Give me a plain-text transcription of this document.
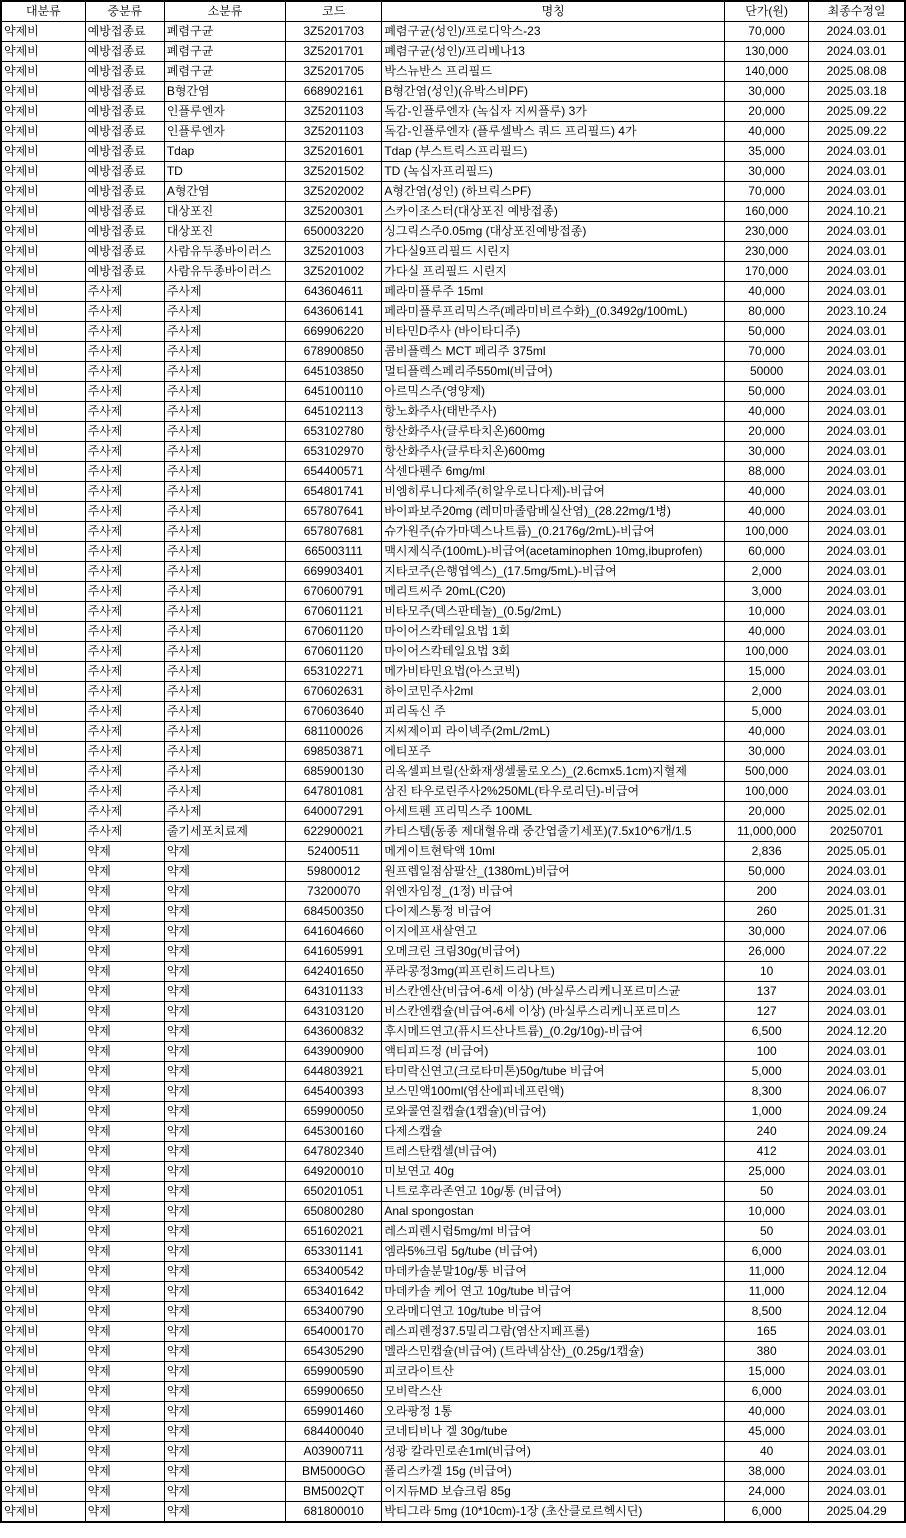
대분류	중분류	소분류	코드	명칭	단가(원)	최종수정일
약제비	예방접종료	폐렴구균	3Z5201703	폐렴구균(성인)/프로디악스-23	70,000	2024.03.01
약제비	예방접종료	폐렴구균	3Z5201701	폐렴구균(성인)/프리베나13	130,000	2024.03.01
약제비	예방접종료	폐렴구균	3Z5201705	박스뉴반스 프리필드	140,000	2025.08.08
약제비	예방접종료	B형간염	668902161	B형간염(성인)(유박스비PF)	30,000	2025.03.18
약제비	예방접종료	인플루엔자	3Z5201103	독감-인플루엔자 (녹십자 지씨플루) 3가	20,000	2025.09.22
약제비	예방접종료	인플루엔자	3Z5201103	독감-인플루엔자 (플루셀박스 쿼드 프리필드) 4가	40,000	2025.09.22
약제비	예방접종료	Tdap	3Z5201601	Tdap (부스트릭스프리필드)	35,000	2024.03.01
약제비	예방접종료	TD	3Z5201502	TD (녹십자프리필드)	30,000	2024.03.01
약제비	예방접종료	A형간염	3Z5202002	A형간염(성인) (하브릭스PF)	70,000	2024.03.01
약제비	예방접종료	대상포진	3Z5200301	스카이조스터(대상포진 예방접종)	160,000	2024.10.21
약제비	예방접종료	대상포진	650003220	싱그릭스주0.05mg (대상포진예방접종)	230,000	2024.03.01
약제비	예방접종료	사람유두종바이러스	3Z5201003	가다실9프리필드 시린지	230,000	2024.03.01
약제비	예방접종료	사람유두종바이러스	3Z5201002	가다실 프리필드 시린지	170,000	2024.03.01
약제비	주사제	주사제	643604611	페라미플루주 15ml	40,000	2024.03.01
약제비	주사제	주사제	643606141	페라미플루프리믹스주(페라미비르수화)_(0.3492g/100mL)	80,000	2023.10.24
약제비	주사제	주사제	669906220	비타민D주사 (바이타디주)	50,000	2024.03.01
약제비	주사제	주사제	678900850	콤비플렉스 MCT 페리주 375ml	70,000	2024.03.01
약제비	주사제	주사제	645103850	멀티플렉스페리주550ml(비급여)	50000	2024.03.01
약제비	주사제	주사제	645100110	아르믹스주(영양제)	50,000	2024.03.01
약제비	주사제	주사제	645102113	항노화주사(태반주사)	40,000	2024.03.01
약제비	주사제	주사제	653102780	항산화주사(글루타치온)600mg	20,000	2024.03.01
약제비	주사제	주사제	653102970	항산화주사(글루타치온)600mg	30,000	2024.03.01
약제비	주사제	주사제	654400571	삭센다펜주 6mg/ml	88,000	2024.03.01
약제비	주사제	주사제	654801741	비엠히루니다제주(히알우로니다제)-비급여	40,000	2024.03.01
약제비	주사제	주사제	657807641	바이파보주20mg (레미마졸람베실산염)_(28.22mg/1병)	40,000	2024.03.01
약제비	주사제	주사제	657807681	슈가원주(슈가마덱스나트륨)_(0.2176g/2mL)-비급여	100,000	2024.03.01
약제비	주사제	주사제	665003111	맥시제식주(100mL)-비급여(acetaminophen 10mg,ibuprofen)	60,000	2024.03.01
약제비	주사제	주사제	669903401	지타코주(은행엽엑스)_(17.5mg/5mL)-비급여	2,000	2024.03.01
약제비	주사제	주사제	670600791	메리트씨주 20mL(C20)	3,000	2024.03.01
약제비	주사제	주사제	670601121	비타모주(덱스판테놀)_(0.5g/2mL)	10,000	2024.03.01
약제비	주사제	주사제	670601120	마이어스칵테일요법 1회	40,000	2024.03.01
약제비	주사제	주사제	670601120	마이어스칵테일요법 3회	100,000	2024.03.01
약제비	주사제	주사제	653102271	메가비타민요법(아스코빅)	15,000	2024.03.01
약제비	주사제	주사제	670602631	하이코민주사2ml	2,000	2024.03.01
약제비	주사제	주사제	670603640	피리독신 주	5,000	2024.03.01
약제비	주사제	주사제	681100026	지씨제이피 라이넥주(2mL/2mL)	40,000	2024.03.01
약제비	주사제	주사제	698503871	에티포주	30,000	2024.03.01
약제비	주사제	주사제	685900130	리옥셀피브릴(산화재생셀룰로오스)_(2.6cmx5.1cm)지혈제	500,000	2024.03.01
약제비	주사제	주사제	647801081	삼진 타우로린주사2%250ML(타우로리딘)-비급여	100,000	2024.03.01
약제비	주사제	주사제	640007291	아세트펜 프리믹스주 100ML	20,000	2025.02.01
약제비	주사제	줄기세포치료제	622900021	카티스템(동종 제대혈유래 중간엽줄기세포)(7.5x10^6개/1.5	11,000,000	20250701
약제비	약제	약제	52400511	메게이트현탁액 10ml	2,836	2025.05.01
약제비	약제	약제	59800012	원프렙일점삼팔산_(1380mL)비급여	50,000	2024.03.01
약제비	약제	약제	73200070	위엔자임정_(1정) 비급여	200	2024.03.01
약제비	약제	약제	684500350	다이제스통정 비급여	260	2025.01.31
약제비	약제	약제	641604660	이지에프새살연고	30,000	2024.07.06
약제비	약제	약제	641605991	오메크린 크림30g(비급여)	26,000	2024.07.22
약제비	약제	약제	642401650	푸라콩정3mg(피프린히드리나트)	10	2024.03.01
약제비	약제	약제	643101133	비스칸엔산(비급여-6세 이상) (바실루스리케니포르미스균	137	2024.03.01
약제비	약제	약제	643103120	비스칸엔캡슐(비급여-6세 이상) (바실루스리케니포르미스	127	2024.03.01
약제비	약제	약제	643600832	후시메드연고(퓨시드산나트륨)_(0.2g/10g)-비급여	6,500	2024.12.20
약제비	약제	약제	643900900	액티피드정 (비급여)	100	2024.03.01
약제비	약제	약제	644803921	타미락신연고(크로타미톤)50g/tube 비급여	5,000	2024.03.01
약제비	약제	약제	645400393	보스민액100ml(염산에피네프린액)	8,300	2024.06.07
약제비	약제	약제	659900050	로와콜연질캡슐(1캡슐)(비급여)	1,000	2024.09.24
약제비	약제	약제	645300160	다제스캡슐	240	2024.09.24
약제비	약제	약제	647802340	트레스탄캡셀(비급여)	412	2024.03.01
약제비	약제	약제	649200010	미보연고 40g	25,000	2024.03.01
약제비	약제	약제	650201051	니트로후라존연고 10g/통 (비급여)	50	2024.03.01
약제비	약제	약제	650800280	Anal spongostan	10,000	2024.03.01
약제비	약제	약제	651602021	레스피렌시럽5mg/ml 비급여	50	2024.03.01
약제비	약제	약제	653301141	엠라5%크림 5g/tube (비급여)	6,000	2024.03.01
약제비	약제	약제	653400542	마데카솔분말10g/통 비급여	11,000	2024.12.04
약제비	약제	약제	653401642	마데카솔 케어 연고 10g/tube 비급여	11,000	2024.12.04
약제비	약제	약제	653400790	오라메디연고 10g/tube 비급여	8,500	2024.12.04
약제비	약제	약제	654000170	레스피렌정37.5밀리그람(염산지페프롤)	165	2024.03.01
약제비	약제	약제	654305290	멜라스민캡슐(비급여) (트라넥삼산)_(0.25g/1캡슐)	380	2024.03.01
약제비	약제	약제	659900590	피코라이트산	15,000	2024.03.01
약제비	약제	약제	659900650	모비락스산	6,000	2024.03.01
약제비	약제	약제	659901460	오라팡정 1통	40,000	2024.03.01
약제비	약제	약제	684400040	코네티비나 겔 30g/tube	45,000	2024.03.01
약제비	약제	약제	A03900711	성광 칼라민로숀1ml(비급여)	40	2024.03.01
약제비	약제	약제	BM5000GO	폴리스카겔 15g (비급여)	38,000	2024.03.01
약제비	약제	약제	BM5002QT	이지듀MD 보습크림 85g	24,000	2024.03.01
약제비	약제	약제	681800010	박티그라 5mg (10*10cm)-1장 (초산클로르헥시딘)	6,000	2025.04.29
